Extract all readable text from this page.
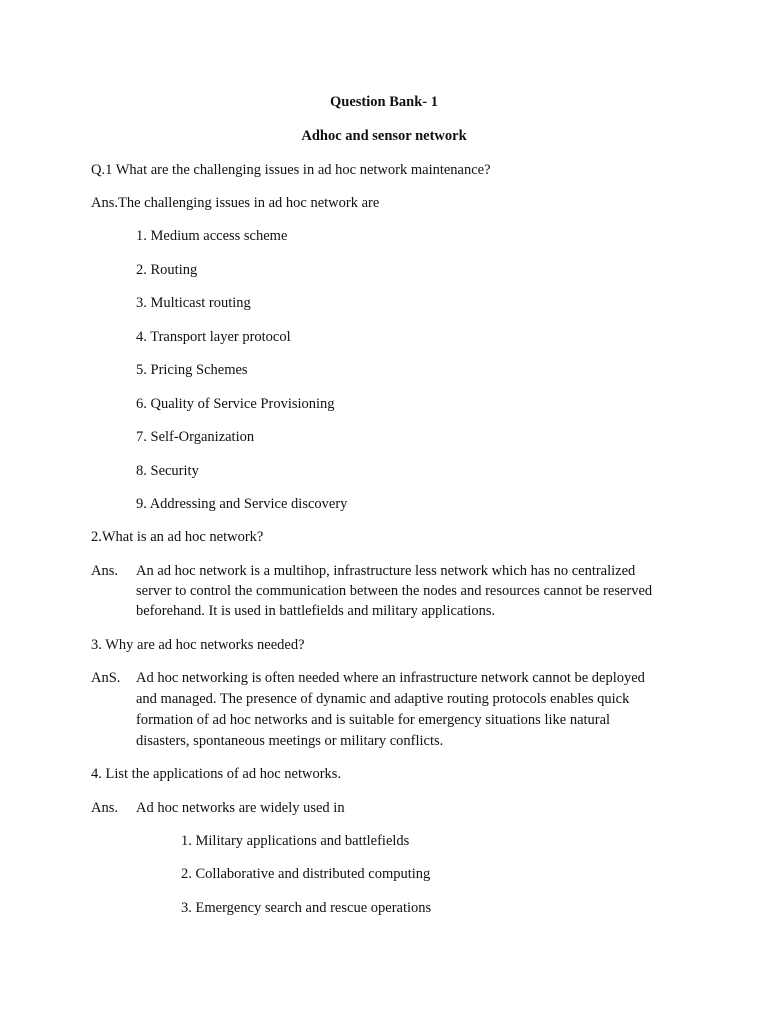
Question Bank- 1
Adhoc and sensor network
Q.1 What are the challenging issues in ad hoc network maintenance?
Ans.The challenging issues in ad hoc network are
1. Medium access scheme
2. Routing
3. Multicast routing
4. Transport layer protocol
5. Pricing Schemes
6. Quality of Service Provisioning
7. Self-Organization
8. Security
9. Addressing and Service discovery
2.What is an ad hoc network?
Ans. An ad hoc network is a multihop, infrastructure less network which has no centralized
server to control the communication between the nodes and resources cannot be reserved
beforehand. It is used in battlefields and military applications.
3. Why are ad hoc networks needed?
AnS. Ad hoc networking is often needed where an infrastructure network cannot be deployed
and managed. The presence of dynamic and adaptive routing protocols enables quick
formation of ad hoc networks and is suitable for emergency situations like natural
disasters, spontaneous meetings or military conflicts.
4. List the applications of ad hoc networks.
Ans. Ad hoc networks are widely used in
1. Military applications and battlefields
2. Collaborative and distributed computing
3. Emergency search and rescue operations
